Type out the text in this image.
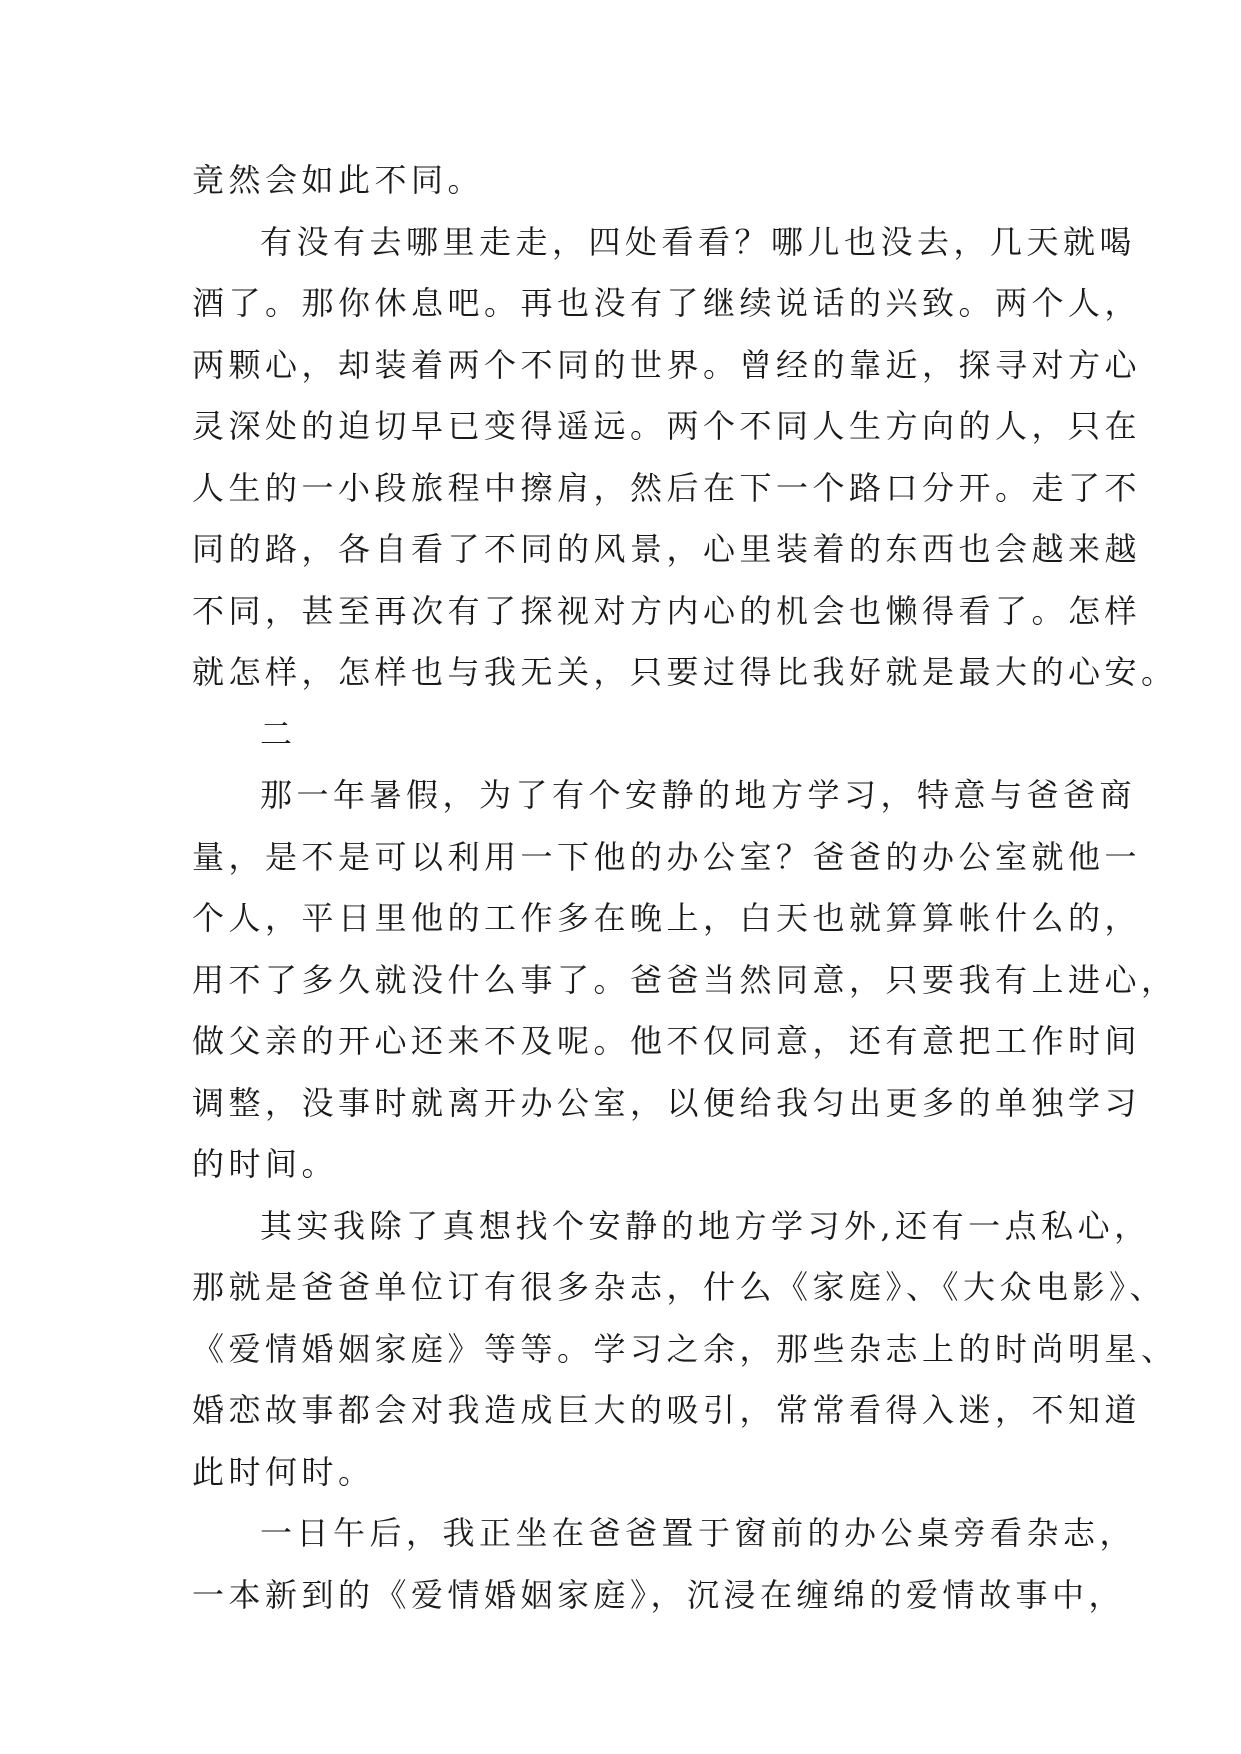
竟然会如此不同。
有没有去哪里走走，四处看看？哪儿也没去，几天就喝
酒了。那你休息吧。再也没有了继续说话的兴致。两个人，
两颗心，却装着两个不同的世界。曾经的靠近，探寻对方心
灵深处的迫切早已变得遥远。两个不同人生方向的人，只在
人生的一小段旅程中擦肩，然后在下一个路口分开。走了不
同的路，各自看了不同的风景，心里装着的东西也会越来越
不同，甚至再次有了探视对方内心的机会也懒得看了。怎样
就怎样，怎样也与我无关，只要过得比我好就是最大的心安。
二
那一年暑假，为了有个安静的地方学习，特意与爸爸商
量，是不是可以利用一下他的办公室？爸爸的办公室就他一
个人，平日里他的工作多在晚上，白天也就算算帐什么的，
用不了多久就没什么事了。爸爸当然同意，只要我有上进心，
做父亲的开心还来不及呢。他不仅同意，还有意把工作时间
调整，没事时就离开办公室，以便给我匀出更多的单独学习
的时间。
其实我除了真想找个安静的地方学习外,还有一点私心，
那就是爸爸单位订有很多杂志，什么《家庭》、《大众电影》、
《爱情婚姻家庭》等等。学习之余，那些杂志上的时尚明星、
婚恋故事都会对我造成巨大的吸引，常常看得入迷，不知道
此时何时。
一日午后，我正坐在爸爸置于窗前的办公桌旁看杂志，
一本新到的《爱情婚姻家庭》，沉浸在缠绵的爱情故事中，
